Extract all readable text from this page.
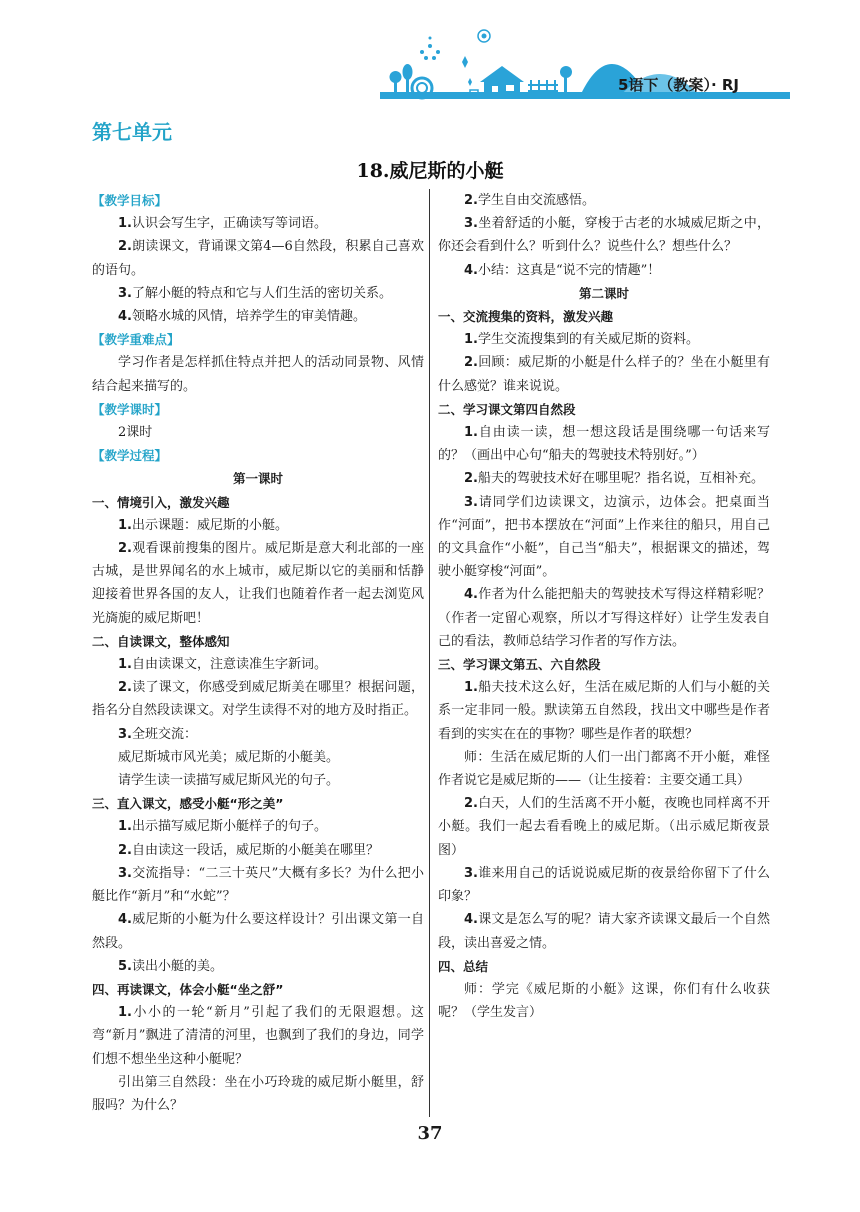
5语下（教案）· RJ
第七单元
18.威尼斯的小艇
【教学目标】
1.认识会写生字，正确读写等词语。
2.朗读课文，背诵课文第4—6自然段，积累自己喜欢的语句。
3.了解小艇的特点和它与人们生活的密切关系。
4.领略水城的风情，培养学生的审美情趣。
【教学重难点】
学习作者是怎样抓住特点并把人的活动同景物、风情结合起来描写的。
【教学课时】
2课时
【教学过程】
第一课时
一、情境引入，激发兴趣
1.出示课题：威尼斯的小艇。
2.观看课前搜集的图片。威尼斯是意大利北部的一座古城，是世界闻名的水上城市，威尼斯以它的美丽和恬静迎接着世界各国的友人，让我们也随着作者一起去浏览风光旖旎的威尼斯吧！
二、自读课文，整体感知
1.自由读课文，注意读准生字新词。
2.读了课文，你感受到威尼斯美在哪里？根据问题，指名分自然段读课文。对学生读得不对的地方及时指正。
3.全班交流：
威尼斯城市风光美；威尼斯的小艇美。
请学生读一读描写威尼斯风光的句子。
三、直入课文，感受小艇“形之美”
1.出示描写威尼斯小艇样子的句子。
2.自由读这一段话，威尼斯的小艇美在哪里？
3.交流指导：“二三十英尺”大概有多长？为什么把小艇比作“新月”和“水蛇”？
4.威尼斯的小艇为什么要这样设计？引出课文第一自然段。
5.读出小艇的美。
四、再读课文，体会小艇“坐之舒”
1.小小的一轮“新月”引起了我们的无限遐想。这弯“新月”飘进了清清的河里，也飘到了我们的身边，同学们想不想坐坐这种小艇呢？
引出第三自然段：坐在小巧玲珑的威尼斯小艇里，舒服吗？为什么？
2.学生自由交流感悟。
3.坐着舒适的小艇，穿梭于古老的水城威尼斯之中，你还会看到什么？听到什么？说些什么？想些什么？
4.小结：这真是“说不完的情趣”！
第二课时
一、交流搜集的资料，激发兴趣
1.学生交流搜集到的有关威尼斯的资料。
2.回顾：威尼斯的小艇是什么样子的？坐在小艇里有什么感觉？谁来说说。
二、学习课文第四自然段
1.自由读一读，想一想这段话是围绕哪一句话来写的？（画出中心句“船夫的驾驶技术特别好。”）
2.船夫的驾驶技术好在哪里呢？指名说，互相补充。
3.请同学们边读课文，边演示，边体会。把桌面当作“河面”，把书本摆放在“河面”上作来往的船只，用自己的文具盒作“小艇”，自己当“船夫”，根据课文的描述，驾驶小艇穿梭“河面”。
4.作者为什么能把船夫的驾驶技术写得这样精彩呢？（作者一定留心观察，所以才写得这样好）让学生发表自己的看法，教师总结学习作者的写作方法。
三、学习课文第五、六自然段
1.船夫技术这么好，生活在威尼斯的人们与小艇的关系一定非同一般。默读第五自然段，找出文中哪些是作者看到的实实在在的事物？哪些是作者的联想？
师：生活在威尼斯的人们一出门都离不开小艇，难怪作者说它是威尼斯的——（让生接着：主要交通工具）
2.白天，人们的生活离不开小艇，夜晚也同样离不开小艇。我们一起去看看晚上的威尼斯。（出示威尼斯夜景图）
3.谁来用自己的话说说威尼斯的夜景给你留下了什么印象？
4.课文是怎么写的呢？请大家齐读课文最后一个自然段，读出喜爱之情。
四、总结
师：学完《威尼斯的小艇》这课，你们有什么收获呢？（学生发言）
37
